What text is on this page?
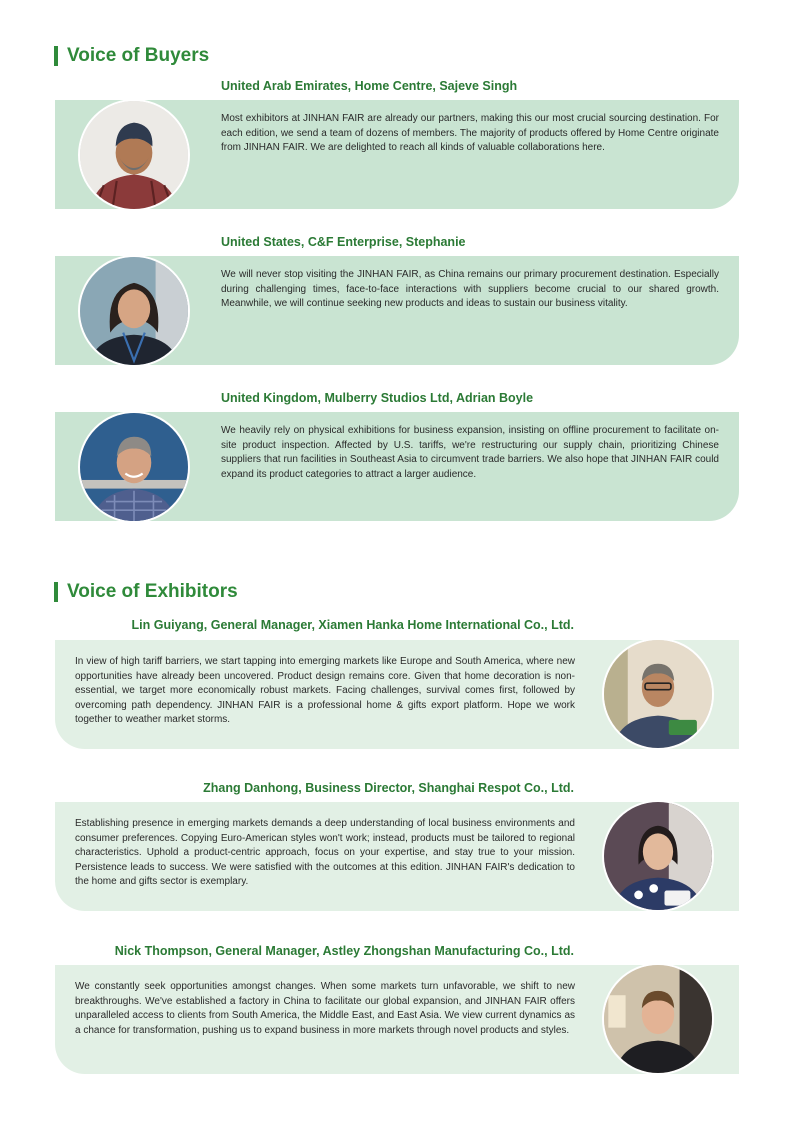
Voice of Buyers
United Arab Emirates, Home Centre, Sajeve Singh
Most exhibitors at JINHAN FAIR are already our partners, making this our most crucial sourcing destination. For each edition, we send a team of dozens of members. The majority of products offered by Home Centre originate from JINHAN FAIR. We are delighted to reach all kinds of valuable collaborations here.
United States, C&F Enterprise, Stephanie
We will never stop visiting the JINHAN FAIR, as China remains our primary procurement destination. Especially during challenging times, face-to-face interactions with suppliers become crucial to our shared growth. Meanwhile, we will continue seeking new products and ideas to sustain our business vitality.
United Kingdom, Mulberry Studios Ltd, Adrian Boyle
We heavily rely on physical exhibitions for business expansion, insisting on offline procurement to facilitate on-site product inspection. Affected by U.S. tariffs, we're restructuring our supply chain, prioritizing Chinese suppliers that run facilities in Southeast Asia to circumvent trade barriers. We also hope that JINHAN FAIR could expand its product categories to attract a larger audience.
Voice of Exhibitors
Lin Guiyang, General Manager, Xiamen Hanka Home International Co., Ltd.
In view of high tariff barriers, we start tapping into emerging markets like Europe and South America, where new opportunities have already been uncovered. Product design remains core. Given that home decoration is non-essential, we target more economically robust markets. Facing challenges, survival comes first, followed by overcoming path dependency. JINHAN FAIR is a professional home & gifts export platform. Hope we work together to weather market storms.
Zhang Danhong, Business Director, Shanghai Respot Co., Ltd.
Establishing presence in emerging markets demands a deep understanding of local business environments and consumer preferences. Copying Euro-American styles won't work; instead, products must be tailored to regional characteristics. Uphold a product-centric approach, focus on your expertise, and stay true to your mission. Persistence leads to success. We were satisfied with the outcomes at this edition. JINHAN FAIR's dedication to the home and gifts sector is exemplary.
Nick Thompson, General Manager, Astley Zhongshan Manufacturing Co., Ltd.
We constantly seek opportunities amongst changes. When some markets turn unfavorable, we shift to new breakthroughs. We've established a factory in China to facilitate our global expansion, and JINHAN FAIR offers unparalleled access to clients from South America, the Middle East, and East Asia. We view current dynamics as a chance for transformation, pushing us to expand business in more markets through novel products and styles.
